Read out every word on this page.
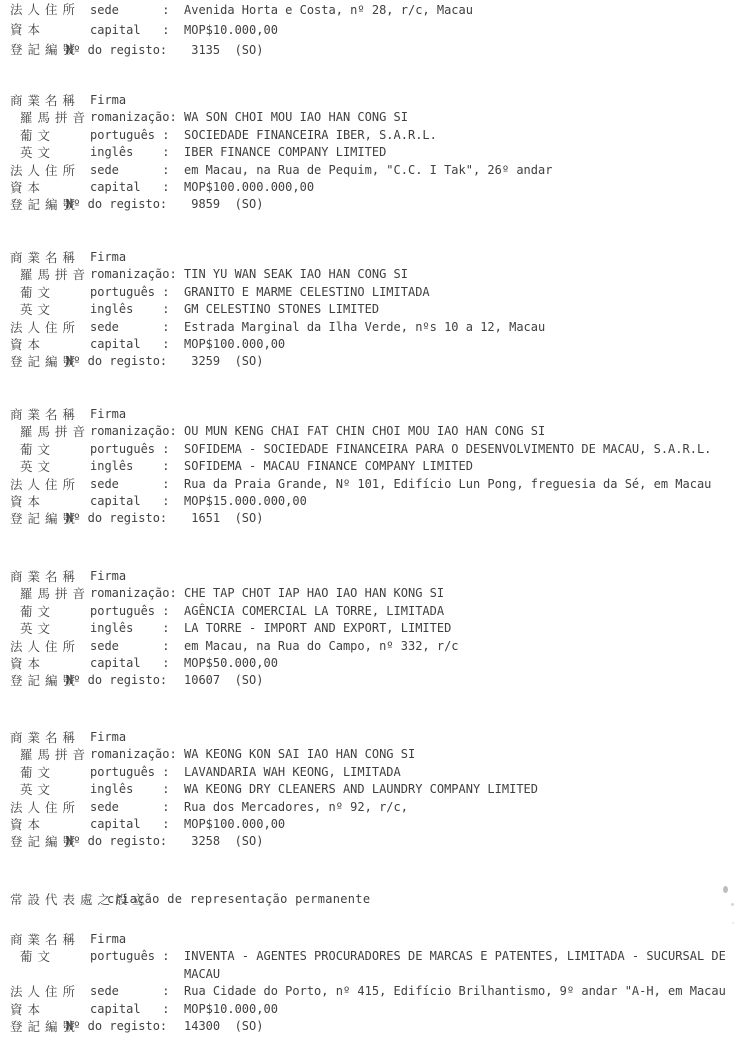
法人住所 sede      : Avenida Horta e Costa, nº 28, r/c, Macau
資本	capital   : MOP$10.000,00
登記編號
Nº do registo: 3135  (SO)
商業名稱 Firma
羅馬拼音 romanização: WA SON CHOI MOU IAO HAN CONG SI
葡文	português : SOCIEDADE FINANCEIRA IBER, S.A.R.L.
英文	inglês    : IBER FINANCE COMPANY LIMITED
法人住所 sede      : em Macau, na Rua de Pequim, "C.C. I Tak", 26º andar
資本	capital   : MOP$100.000.000,00
登記編號
Nº do registo: 9859  (SO)
商業名稱 Firma
羅馬拼音 romanização: TIN YU WAN SEAK IAO HAN CONG SI
葡文	português : GRANITO E MARME CELESTINO LIMITADA
英文	inglês    : GM CELESTINO STONES LIMITED
法人住所 sede      : Estrada Marginal da Ilha Verde, nºs 10 a 12, Macau
資本	capital   : MOP$100.000,00
登記編號
Nº do registo: 3259  (SO)
商業名稱 Firma
羅馬拼音 romanização: OU MUN KENG CHAI FAT CHIN CHOI MOU IAO HAN CONG SI
葡文	português : SOFIDEMA - SOCIEDADE FINANCEIRA PARA O DESENVOLVIMENTO DE MACAU, S.A.R.L.
英文	inglês    : SOFIDEMA - MACAU FINANCE COMPANY LIMITED
法人住所 sede      : Rua da Praia Grande, Nº 101, Edifício Lun Pong, freguesia da Sé, em Macau
資本	capital   : MOP$15.000.000,00
登記編號
Nº do registo: 1651  (SO)
商業名稱 Firma
羅馬拼音 romanização: CHE TAP CHOT IAP HAO IAO HAN KONG SI
葡文	português : AGÊNCIA COMERCIAL LA TORRE, LIMITADA
英文	inglês    : LA TORRE - IMPORT AND EXPORT, LIMITED
法人住所 sede      : em Macau, na Rua do Campo, nº 332, r/c
資本	capital   : MOP$50.000,00
登記編號
Nº do registo: 10607  (SO)
商業名稱 Firma
羅馬拼音 romanização: WA KEONG KON SAI IAO HAN CONG SI
葡文	português : LAVANDARIA WAH KEONG, LIMITADA
英文	inglês    : WA KEONG DRY CLEANERS AND LAUNDRY COMPANY LIMITED
法人住所 sede      : Rua dos Mercadores, nº 92, r/c,
資本	capital   : MOP$100.000,00
登記編號
Nº do registo: 3258  (SO)
常設代表處之設立
criação de representação permanente
商業名稱 Firma
葡文	português : INVENTA - AGENTES PROCURADORES DE MARCAS E PATENTES, LIMITADA - SUCURSAL DE
MACAU
法人住所 sede      : Rua Cidade do Porto, nº 415, Edifício Brilhantismo, 9º andar "A-H, em Macau
資本	capital   : MOP$10.000,00
登記編號
Nº do registo: 14300  (SO)
